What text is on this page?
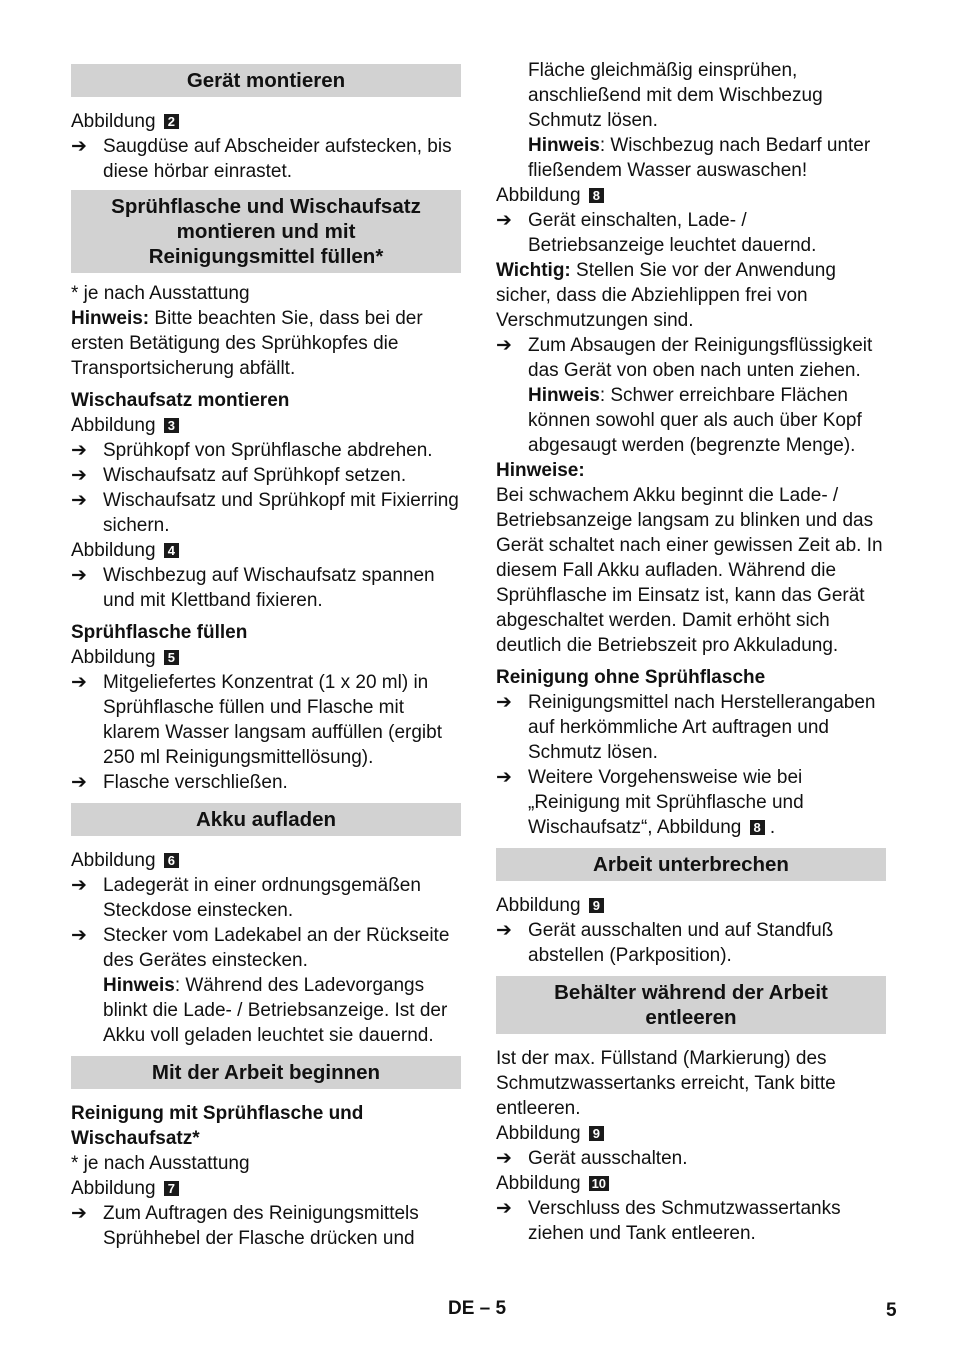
Gerät montieren
Abbildung 2
➔ Saugdüse auf Abscheider aufstecken, bis diese hörbar einrastet.
Sprühflasche und Wischaufsatz
montieren und mit
Reinigungsmittel füllen*
* je nach Ausstattung
Hinweis: Bitte beachten Sie, dass bei der ersten Betätigung des Sprühkopfes die Transportsicherung abfällt.
Wischaufsatz montieren
Abbildung 3
➔ Sprühkopf von Sprühflasche abdrehen.
➔ Wischaufsatz auf Sprühkopf setzen.
➔ Wischaufsatz und Sprühkopf mit Fixierring sichern.
Abbildung 4
➔ Wischbezug auf Wischaufsatz spannen und mit Klettband fixieren.
Sprühflasche füllen
Abbildung 5
➔ Mitgeliefertes Konzentrat (1 x 20 ml) in Sprühflasche füllen und Flasche mit klarem Wasser langsam auffüllen (ergibt 250 ml Reinigungsmittellösung).
➔ Flasche verschließen.
Akku aufladen
Abbildung 6
➔ Ladegerät in einer ordnungsgemäßen Steckdose einstecken.
➔ Stecker vom Ladekabel an der Rückseite des Gerätes einstecken.
Hinweis: Während des Ladevorgangs blinkt die Lade- / Betriebsanzeige. Ist der Akku voll geladen leuchtet sie dauernd.
Mit der Arbeit beginnen
Reinigung mit Sprühflasche und Wischaufsatz*
* je nach Ausstattung
Abbildung 7
➔ Zum Auftragen des Reinigungsmittels Sprühhebel der Flasche drücken und
Fläche gleichmäßig einsprühen, anschließend mit dem Wischbezug Schmutz lösen.
Hinweis: Wischbezug nach Bedarf unter fließendem Wasser auswaschen!
Abbildung 8
➔ Gerät einschalten, Lade- / Betriebsanzeige leuchtet dauernd.
Wichtig: Stellen Sie vor der Anwendung sicher, dass die Abziehlippen frei von Verschmutzungen sind.
➔ Zum Absaugen der Reinigungsflüssigkeit das Gerät von oben nach unten ziehen.
Hinweis: Schwer erreichbare Flächen können sowohl quer als auch über Kopf abgesaugt werden (begrenzte Menge).
Hinweise:
Bei schwachem Akku beginnt die Lade- / Betriebsanzeige langsam zu blinken und das Gerät schaltet nach einer gewissen Zeit ab. In diesem Fall Akku aufladen. Während die Sprühflasche im Einsatz ist, kann das Gerät abgeschaltet werden. Damit erhöht sich deutlich die Betriebszeit pro Akkuladung.
Reinigung ohne Sprühflasche
➔ Reinigungsmittel nach Herstellerangaben auf herkömmliche Art auftragen und Schmutz lösen.
➔ Weitere Vorgehensweise wie bei „Reinigung mit Sprühflasche und Wischaufsatz“, Abbildung 8 .
Arbeit unterbrechen
Abbildung 9
➔ Gerät ausschalten und auf Standfuß abstellen (Parkposition).
Behälter während der Arbeit
entleeren
Ist der max. Füllstand (Markierung) des Schmutzwassertanks erreicht, Tank bitte entleeren.
Abbildung 9
➔ Gerät ausschalten.
Abbildung 10
➔ Verschluss des Schmutzwassertanks ziehen und Tank entleeren.
DE – 5	5
